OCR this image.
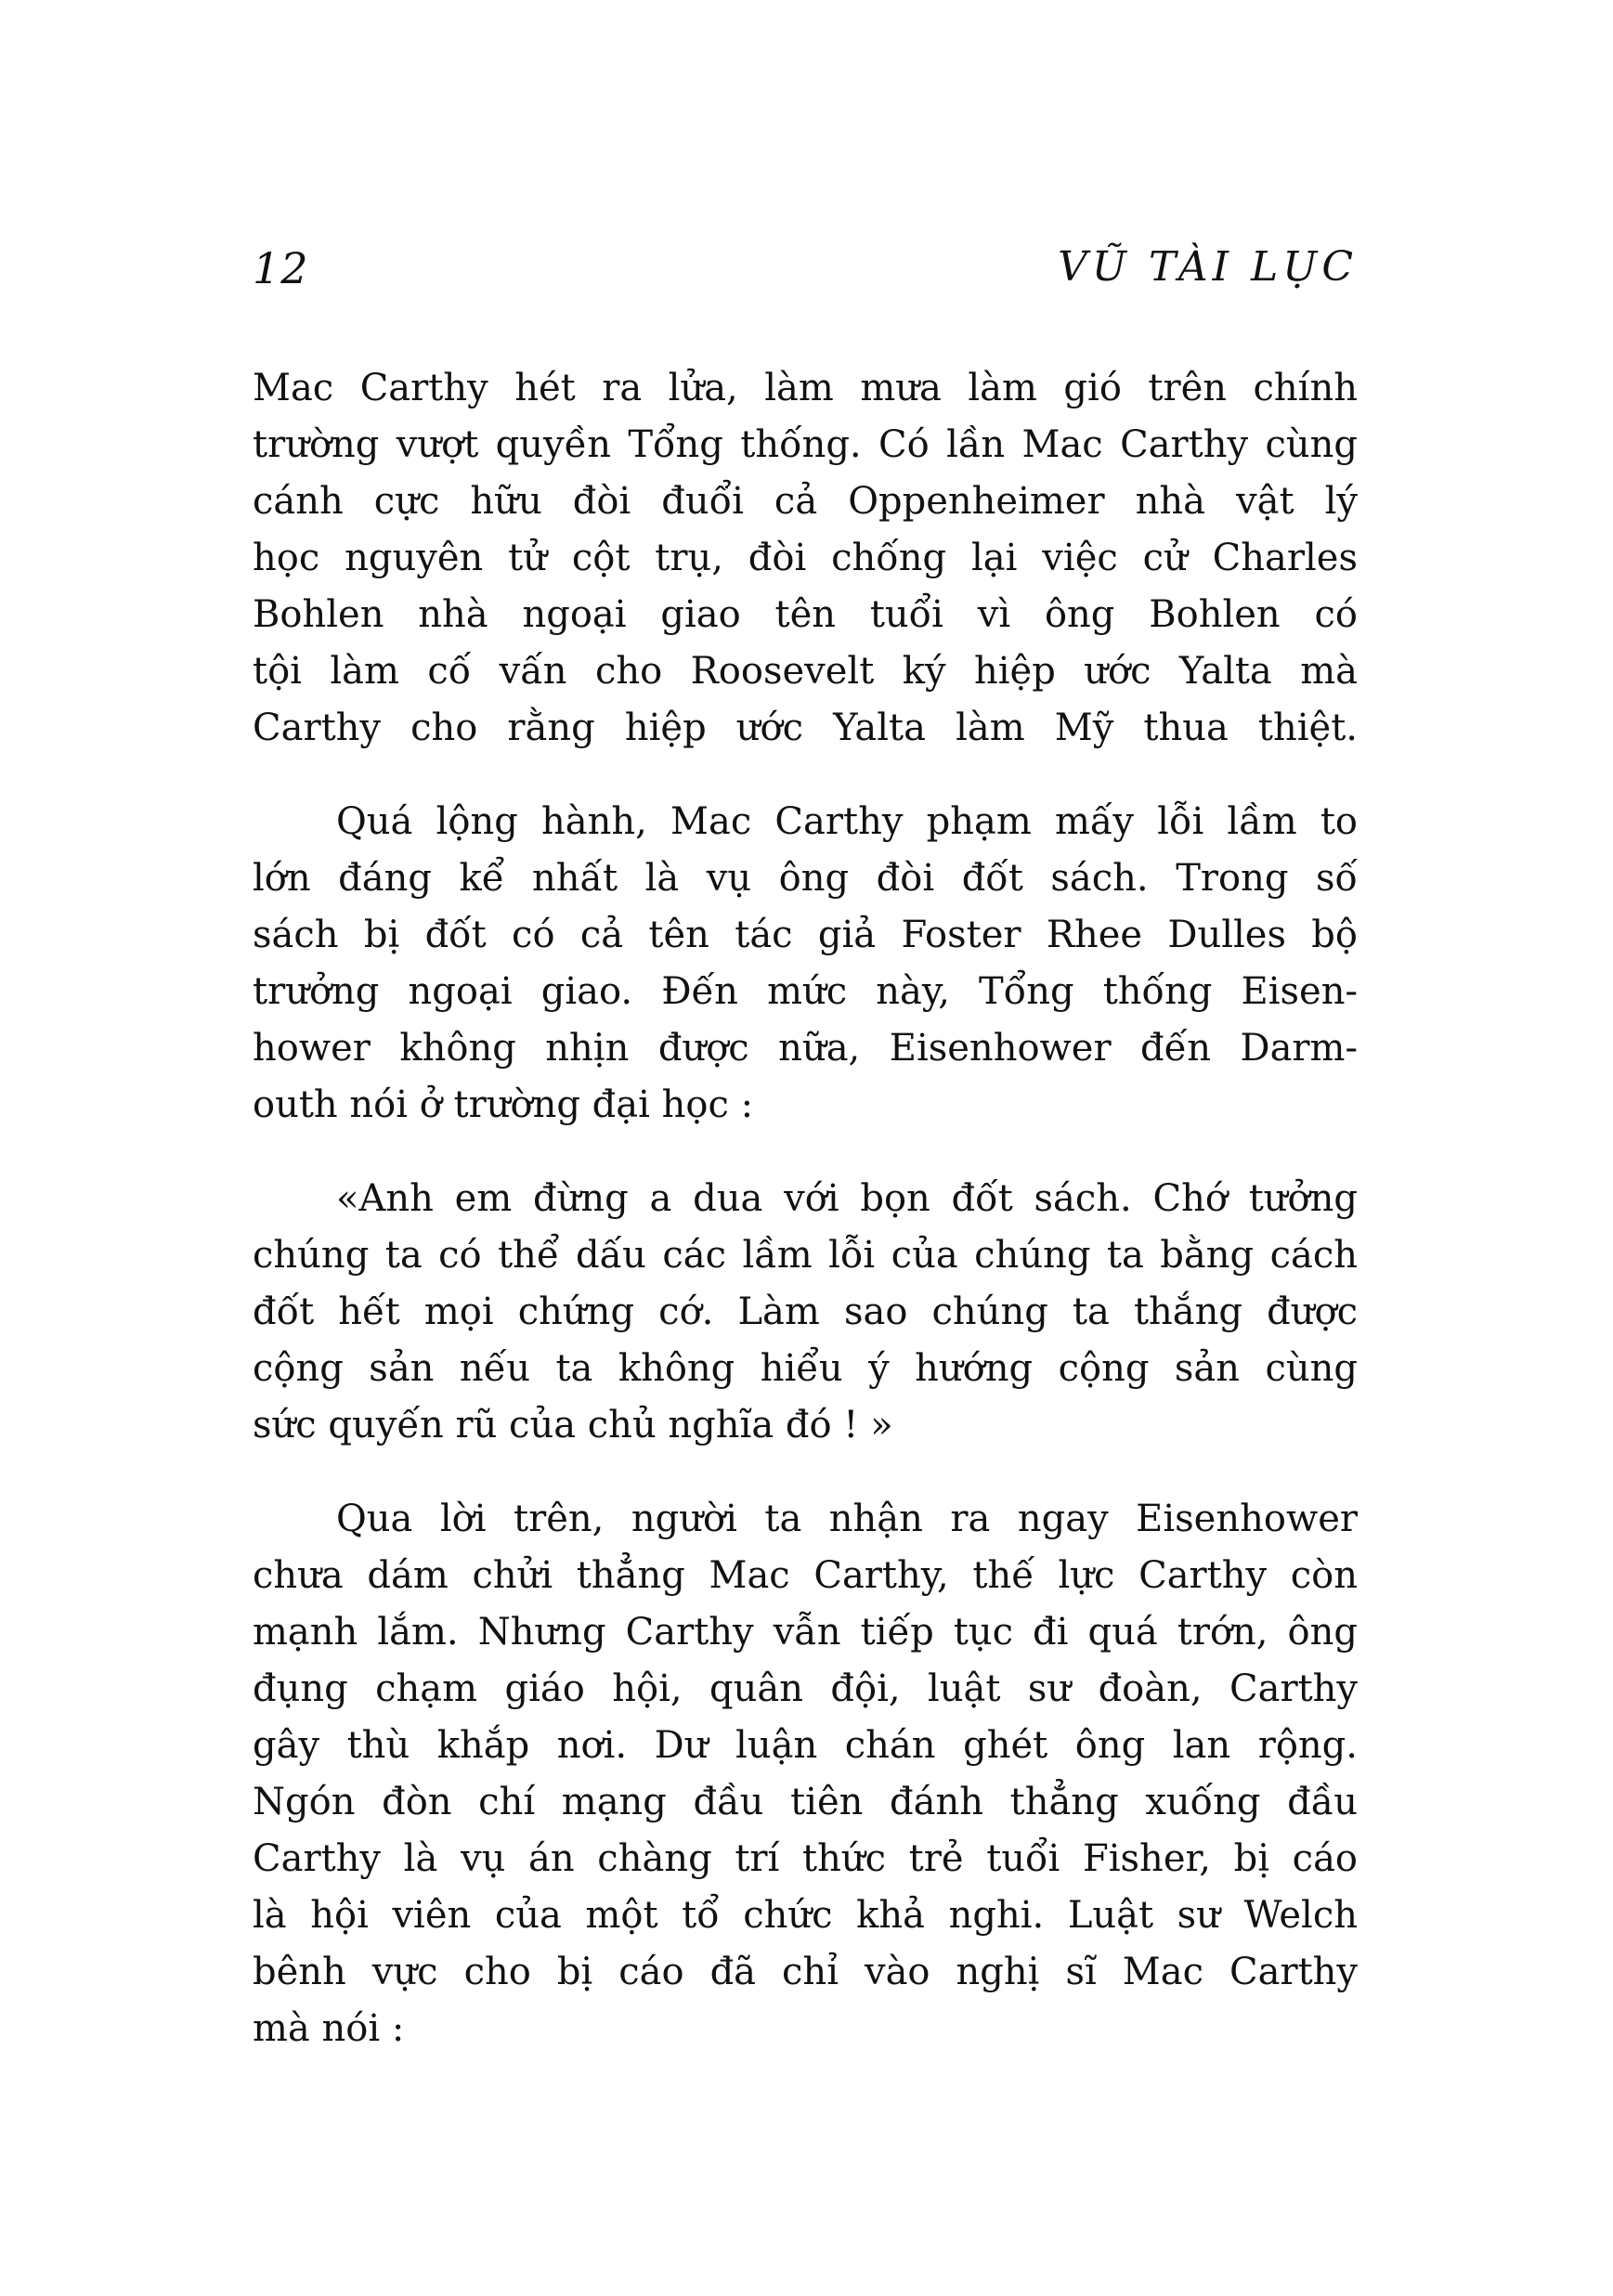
12	VŨ TÀI LỤC
Mac Carthy hét ra lửa, làm mưa làm gió trên chính
trường vượt quyền Tổng thống. Có lần Mac Carthy cùng
cánh cực hữu đòi đuổi cả Oppenheimer nhà vật lý
học nguyên tử cột trụ, đòi chống lại việc cử Charles
Bohlen nhà ngoại giao tên tuổi vì ông Bohlen có
tội làm cố vấn cho Roosevelt ký hiệp ước Yalta mà
Carthy cho rằng hiệp ước Yalta làm Mỹ thua thiệt.
Quá lộng hành, Mac Carthy phạm mấy lỗi lầm to
lớn đáng kể nhất là vụ ông đòi đốt sách. Trong số
sách bị đốt có cả tên tác giả Foster Rhee Dulles bộ
trưởng ngoại giao. Đến mức này, Tổng thống Eisen-
hower không nhịn được nữa, Eisenhower đến Darm-
outh nói ở trường đại học :
«Anh em đừng a dua với bọn đốt sách. Chớ tưởng
chúng ta có thể dấu các lầm lỗi của chúng ta bằng cách
đốt hết mọi chứng cớ. Làm sao chúng ta thắng được
cộng sản nếu ta không hiểu ý hướng cộng sản cùng
sức quyến rũ của chủ nghĩa đó ! »
Qua lời trên, người ta nhận ra ngay Eisenhower
chưa dám chửi thẳng Mac Carthy, thế lực Carthy còn
mạnh lắm. Nhưng Carthy vẫn tiếp tục đi quá trớn, ông
đụng chạm giáo hội, quân đội, luật sư đoàn, Carthy
gây thù khắp nơi. Dư luận chán ghét ông lan rộng.
Ngón đòn chí mạng đầu tiên đánh thẳng xuống đầu
Carthy là vụ án chàng trí thức trẻ tuổi Fisher, bị cáo
là hội viên của một tổ chức khả nghi. Luật sư Welch
bênh vực cho bị cáo đã chỉ vào nghị sĩ Mac Carthy
mà nói :
